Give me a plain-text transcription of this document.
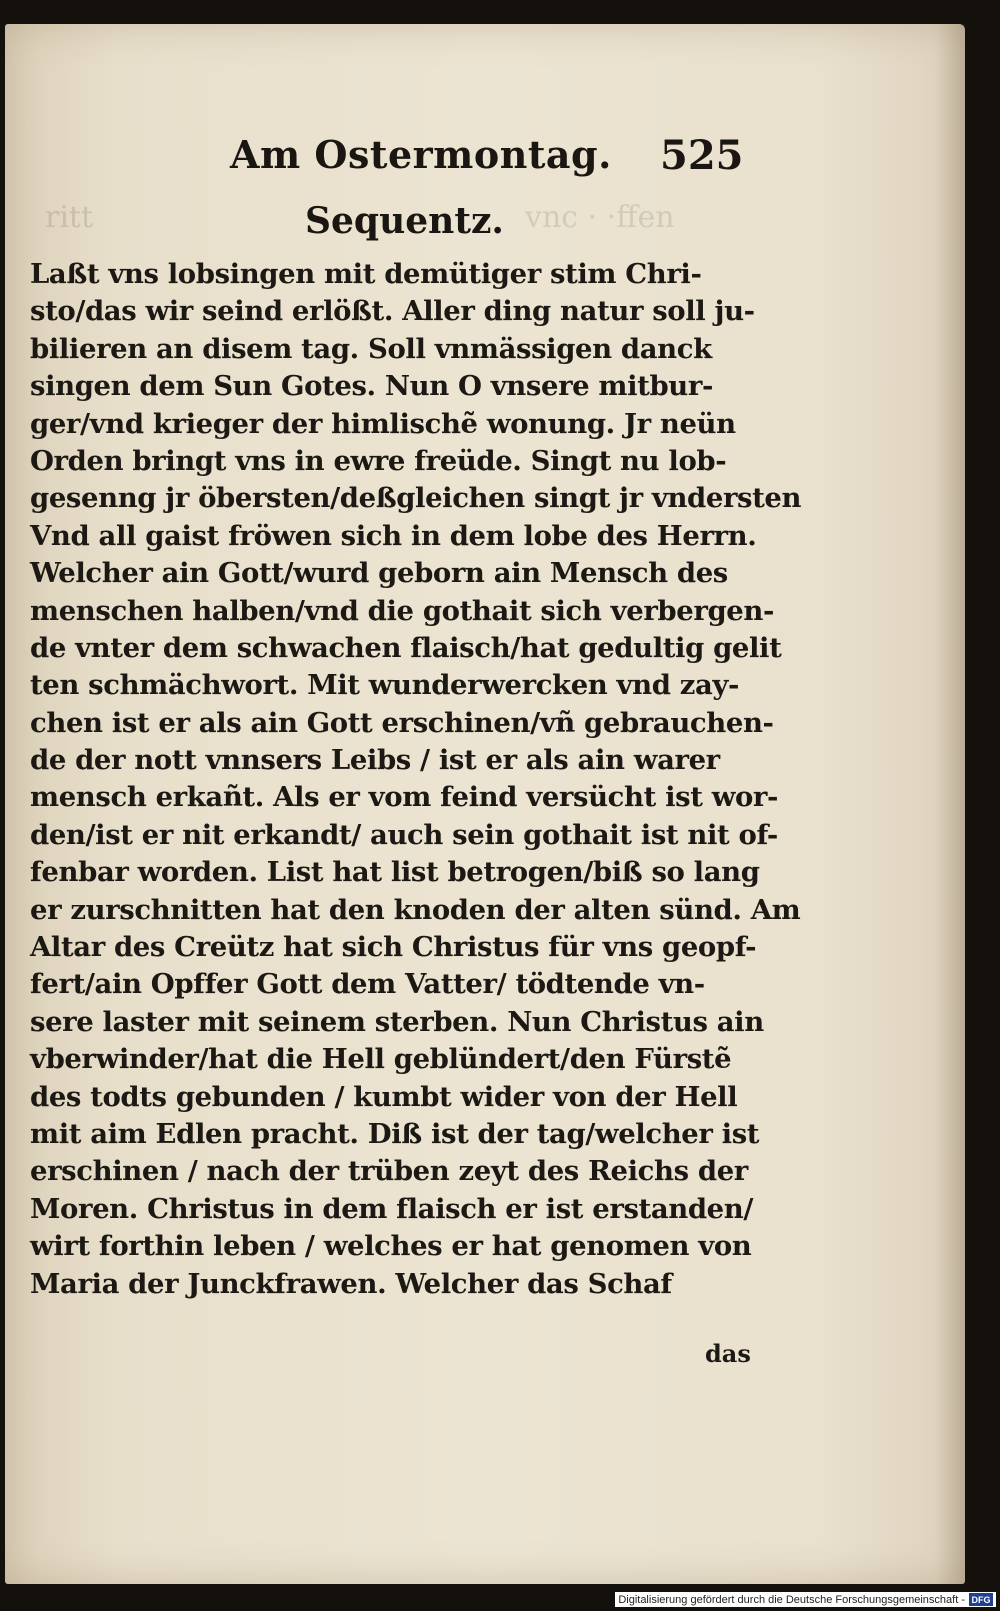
ritt	vnc · ·ffen
Am Ostermontag. 525
Sequentz.
Laßt vns lobsingen mit demütiger stim Chri-
sto/das wir seind erlößt. Aller ding natur soll ju-
bilieren an disem tag. Soll vnmässigen danck
singen dem Sun Gotes. Nun O vnsere mitbur-
ger/vnd krieger der himlischẽ wonung. Jr neün
Orden bringt vns in ewre freüde. Singt nu lob-
gesenng jr öbersten/deßgleichen singt jr vndersten
Vnd all gaist fröwen sich in dem lobe des Herrn.
Welcher ain Gott/wurd geborn ain Mensch des
menschen halben/vnd die gothait sich verbergen-
de vnter dem schwachen flaisch/hat gedultig gelit
ten schmächwort. Mit wunderwercken vnd zay-
chen ist er als ain Gott erschinen/vñ gebrauchen-
de der nott vnnsers Leibs / ist er als ain warer
mensch erkañt. Als er vom feind versücht ist wor-
den/ist er nit erkandt/ auch sein gothait ist nit of-
fenbar worden. List hat list betrogen/biß so lang
er zurschnitten hat den knoden der alten sünd. Am
Altar des Creütz hat sich Christus für vns geopf-
fert/ain Opffer Gott dem Vatter/ tödtende vn-
sere laster mit seinem sterben. Nun Christus ain
vberwinder/hat die Hell geblündert/den Fürstẽ
des todts gebunden / kumbt wider von der Hell
mit aim Edlen pracht. Diß ist der tag/welcher ist
erschinen / nach der trüben zeyt des Reichs der
Moren. Christus in dem flaisch er ist erstanden/
wirt forthin leben / welches er hat genomen von
Maria der Junckfrawen. Welcher das Schaf
das
Digitalisierung gefördert durch die Deutsche Forschungsgemeinschaft - DFG
